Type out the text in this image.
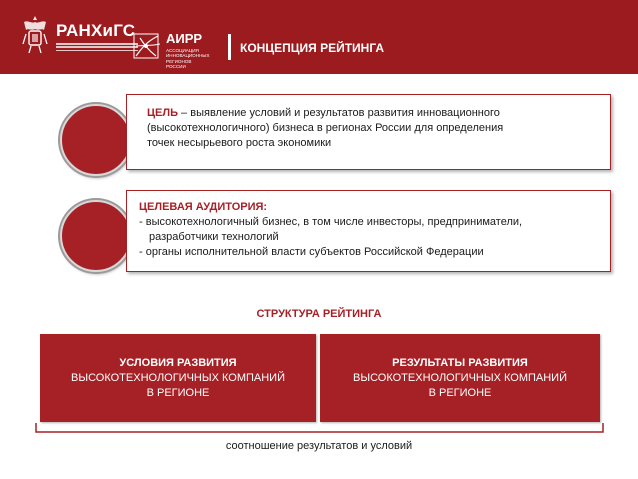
РАНХиГС АИРР
АССОЦИАЦИЯ ИННОВАЦИОННЫХ РЕГИОНОВ РОССИИ
КОНЦЕПЦИЯ РЕЙТИНГА
ЦЕЛЬ – выявление условий и результатов развития инновационного
(высокотехнологичного) бизнеса в регионах России для определения
точек несырьевого роста экономики
ЦЕЛЕВАЯ АУДИТОРИЯ:
- высокотехнологичный бизнес, в том числе инвесторы, предприниматели,
разработчики технологий
- органы исполнительной власти субъектов Российской Федерации
СТРУКТУРА РЕЙТИНГА
УСЛОВИЯ РАЗВИТИЯ
ВЫСОКОТЕХНОЛОГИЧНЫХ КОМПАНИЙ
В РЕГИОНЕ
РЕЗУЛЬТАТЫ РАЗВИТИЯ
ВЫСОКОТЕХНОЛОГИЧНЫХ КОМПАНИЙ
В РЕГИОНЕ
соотношение результатов и условий
